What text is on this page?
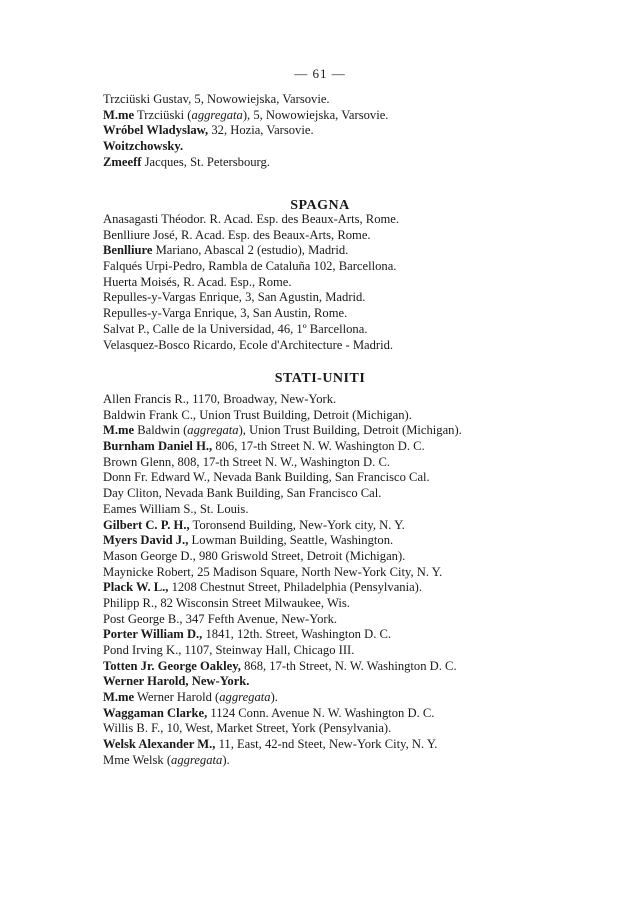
— 61 —
Trzciüski Gustav, 5, Nowowiejska, Varsovie.
M.me Trzciüski (aggregata), 5, Nowowiejska, Varsovie.
Wróbel Wladyslaw, 32, Hozia, Varsovie.
Woitzchowsky.
Zmeeff Jacques, St. Petersbourg.
SPAGNA
Anasagasti Théodor. R. Acad. Esp. des Beaux-Arts, Rome.
Benlliure José, R. Acad. Esp. des Beaux-Arts, Rome.
Benlliure Mariano, Abascal 2 (estudio), Madrid.
Falqués Urpi-Pedro, Rambla de Cataluña 102, Barcellona.
Huerta Moisés, R. Acad. Esp., Rome.
Repulles-y-Vargas Enrique, 3, San Agustin, Madrid.
Repulles-y-Varga Enrique, 3, San Austin, Rome.
Salvat P., Calle de la Universidad, 46, 1º Barcellona.
Velasquez-Bosco Ricardo, Ecole d'Architecture - Madrid.
STATI-UNITI
Allen Francis R., 1170, Broadway, New-York.
Baldwin Frank C., Union Trust Building, Detroit (Michigan).
M.me Baldwin (aggregata), Union Trust Building, Detroit (Michigan).
Burnham Daniel H., 806, 17-th Street N. W. Washington D. C.
Brown Glenn, 808, 17-th Street N. W., Washington D. C.
Donn Fr. Edward W., Nevada Bank Building, San Francisco Cal.
Day Cliton, Nevada Bank Building, San Francisco Cal.
Eames William S., St. Louis.
Gilbert C. P. H., Toronsend Building, New-York city, N. Y.
Myers David J., Lowman Building, Seattle, Washington.
Mason George D., 980 Griswold Street, Detroit (Michigan).
Maynicke Robert, 25 Madison Square, North New-York City, N. Y.
Plack W. L., 1208 Chestnut Street, Philadelphia (Pensylvania).
Philipp R., 82 Wisconsin Street Milwaukee, Wis.
Post George B., 347 Fefth Avenue, New-York.
Porter William D., 1841, 12th. Street, Washington D. C.
Pond Irving K., 1107, Steinway Hall, Chicago III.
Totten Jr. George Oakley, 868, 17-th Street, N. W. Washington D. C.
Werner Harold, New-York.
M.me Werner Harold (aggregata).
Waggaman Clarke, 1124 Conn. Avenue N. W. Washington D. C.
Willis B. F., 10, West, Market Street, York (Pensylvania).
Welsk Alexander M., 11, East, 42-nd Steet, New-York City, N. Y.
Mme Welsk (aggregata).
